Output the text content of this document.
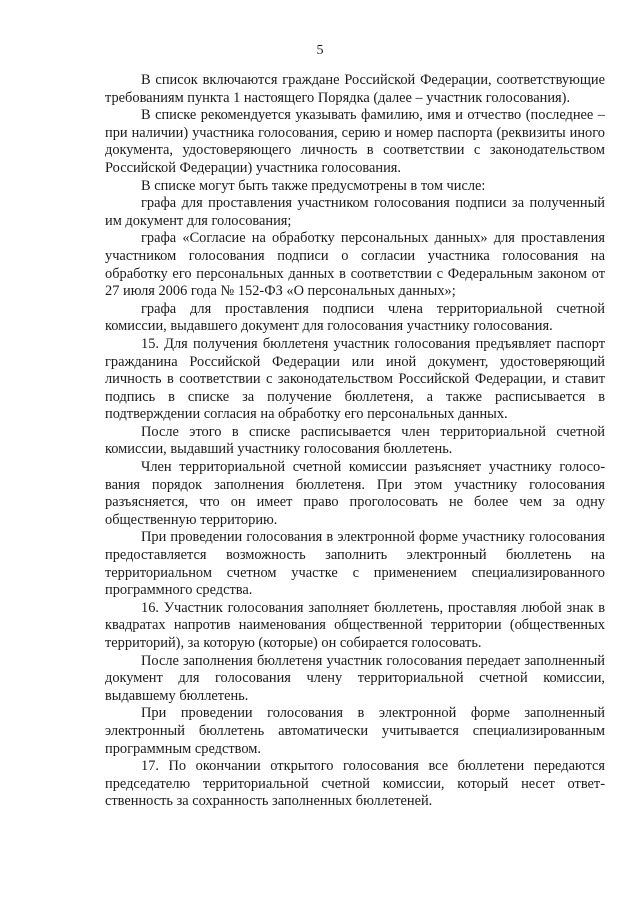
5

В список включаются граждане Российской Федерации, соответствующие требованиям пункта 1 настоящего Порядка (далее – участник голосования).

В списке рекомендуется указывать фамилию, имя и отчество (последнее – при наличии) участника голосования, серию и номер паспорта (реквизиты иного документа, удостоверяющего личность в соответствии с законодательством Российской Федерации) участника голосования.

В списке могут быть также предусмотрены в том числе:

графа для проставления участником голосования подписи за полученный им документ для голосования;

графа «Согласие на обработку персональных данных» для проставления участником голосования подписи о согласии участника голосования на обработку его персональных данных в соответствии с Федеральным законом от 27 июля 2006 года № 152-ФЗ «О персональных данных»;

графа для проставления подписи члена территориальной счетной комиссии, выдавшего документ для голосования участнику голосования.

15. Для получения бюллетеня участник голосования предъявляет паспорт гражданина Российской Федерации или иной документ, удостоверяющий личность в соответствии с законодательством Российской Федерации, и ставит подпись в списке за получение бюллетеня, а также расписывается в подтверждении согласия на обработку его персональных данных.

После этого в списке расписывается член территориальной счетной комиссии, выдавший участнику голосования бюллетень.

Член территориальной счетной комиссии разъясняет участнику голосования порядок заполнения бюллетеня. При этом участнику голосования разъясняется, что он имеет право проголосовать не более чем за одну общественную территорию.

При проведении голосования в электронной форме участнику голосования предоставляется возможность заполнить электронный бюллетень на территориальном счетном участке с применением специализированного программного средства.

16. Участник голосования заполняет бюллетень, проставляя любой знак в квадратах напротив наименования общественной территории (общественных территорий), за которую (которые) он собирается голосовать.

После заполнения бюллетеня участник голосования передает заполненный документ для голосования члену территориальной счетной комиссии, выдавшему бюллетень.

При проведении голосования в электронной форме заполненный электронный бюллетень автоматически учитывается специализированным программным средством.

17. По окончании открытого голосования все бюллетени передаются председателю территориальной счетной комиссии, который несет ответственность за сохранность заполненных бюллетеней.
